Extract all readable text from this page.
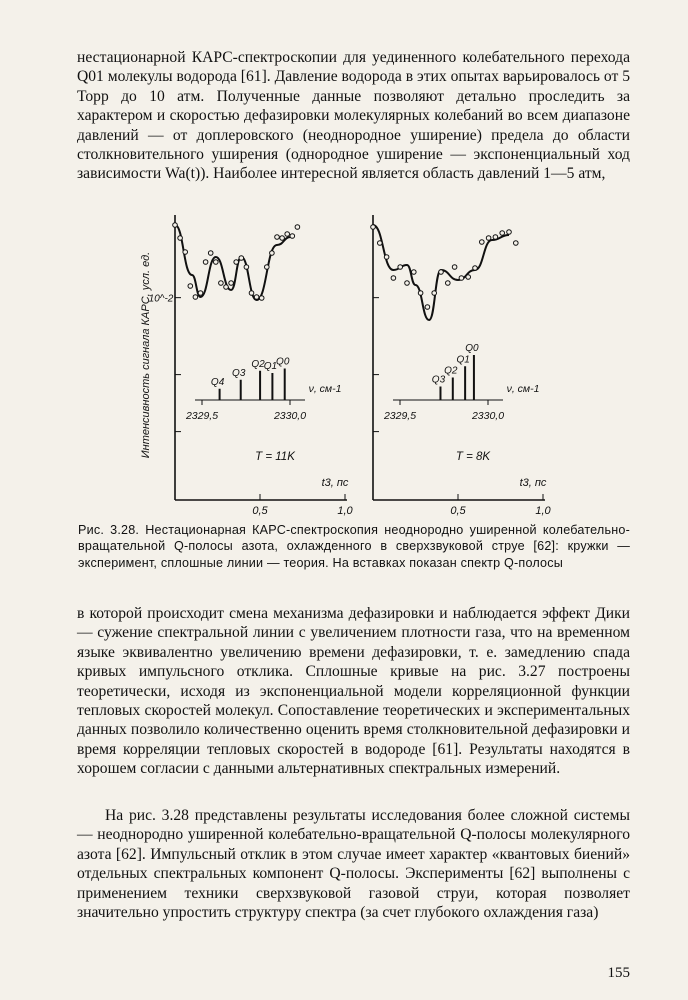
нестационарной КАРС-спектроскопии для уединенного колебательного перехода Q01 молекулы водорода [61]. Давление водорода в этих опытах варьировалось от 5 Торр до 10 атм. Полученные данные позволяют детально проследить за характером и скоростью дефазировки молекулярных колебаний во всем диапазоне давлений — от доплеровского (неоднородное уширение) предела до области столкновительного уширения (однородное уширение — экспоненциальный ход зависимости Wa(t)). Наиболее интересной является область давлений 1—5 атм,

0,5	1,0
t3, пс
2329,5	2330,0
ν, см-1
Q4
Q3
Q2
Q1
Q0
T = 11K
10^-2
Интенсивность сигнала КАРС, усл. ед.
0,5	1,0
t3, пс
2329,5	2330,0
ν, см-1
Q3
Q2
Q1
Q0
T = 8K

Рис. 3.28. Нестационарная КАРС-спектроскопия неоднородно уширенной колебательно-вращательной Q-полосы азота, охлажденного в сверхзвуковой струе [62]: кружки — эксперимент, сплошные линии — теория. На вставках показан спектр Q-полосы

в которой происходит смена механизма дефазировки и наблюдается эффект Дики — сужение спектральной линии с увеличением плотности газа, что на временном языке эквивалентно увеличению времени дефазировки, т. е. замедлению спада кривых импульсного отклика. Сплошные кривые на рис. 3.27 построены теоретически, исходя из экспоненциальной модели корреляционной функции тепловых скоростей молекул. Сопоставление теоретических и экспериментальных данных позволило количественно оценить время столкновительной дефазировки и время корреляции тепловых скоростей в водороде [61]. Результаты находятся в хорошем согласии с данными альтернативных спектральных измерений.

На рис. 3.28 представлены результаты исследования более сложной системы — неоднородно уширенной колебательно-вращательной Q-полосы молекулярного азота [62]. Импульсный отклик в этом случае имеет характер «квантовых биений» отдельных спектральных компонент Q-полосы. Эксперименты [62] выполнены с применением техники сверхзвуковой газовой струи, которая позволяет значительно упростить структуру спектра (за счет глубокого охлаждения газа)

155
